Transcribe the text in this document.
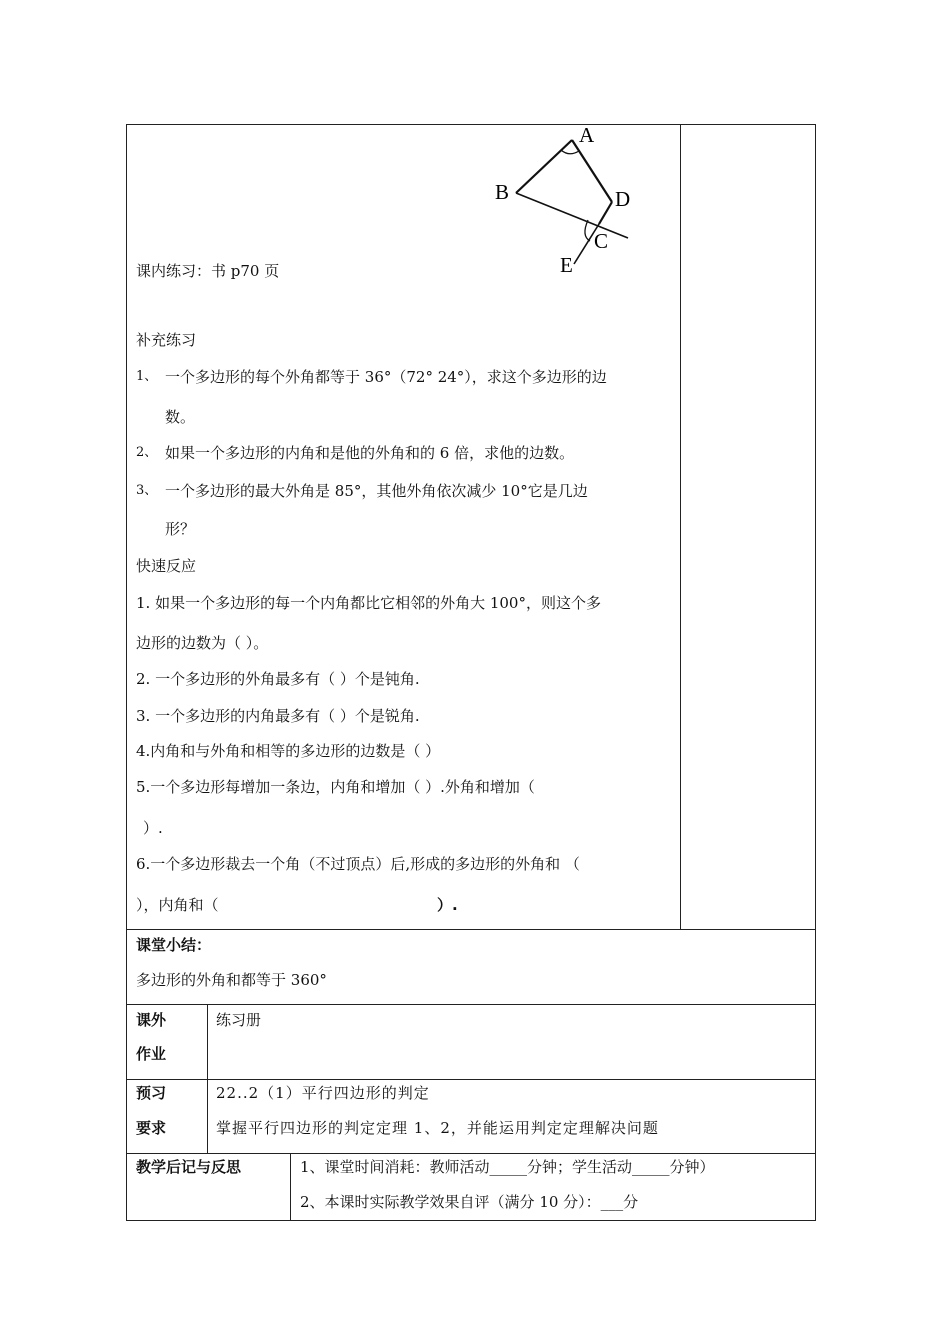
A
B
C
D
E
课内练习：书 p70 页
补充练习
1、 一个多边形的每个外角都等于 36°（72° 24°），求这个多边形的边
数。
2、 如果一个多边形的内角和是他的外角和的 6 倍，求他的边数。
3、 一个多边形的最大外角是 85°，其他外角依次减少 10°它是几边
形？
快速反应
1. 如果一个多边形的每一个内角都比它相邻的外角大 100°，则这个多
边形的边数为（ ）。
2. 一个多边形的外角最多有（ ）个是钝角.
3. 一个多边形的内角最多有（ ）个是锐角.
4.内角和与外角和相等的多边形的边数是（ ）
5.一个多边形每增加一条边，内角和增加（ ）.外角和增加（
）.
6.一个多边形裁去一个角（不过顶点）后,形成的多边形的外角和 （
），内角和（	）.
课堂小结：
多边形的外角和都等于 360°
课外
作业
练习册
预习
要求
22..2（1）平行四边形的判定
掌握平行四边形的判定定理 1、2，并能运用判定定理解决问题
教学后记与反思	1、课堂时间消耗：教师活动_____分钟；学生活动_____分钟）
2、本课时实际教学效果自评（满分 10 分）：___分
